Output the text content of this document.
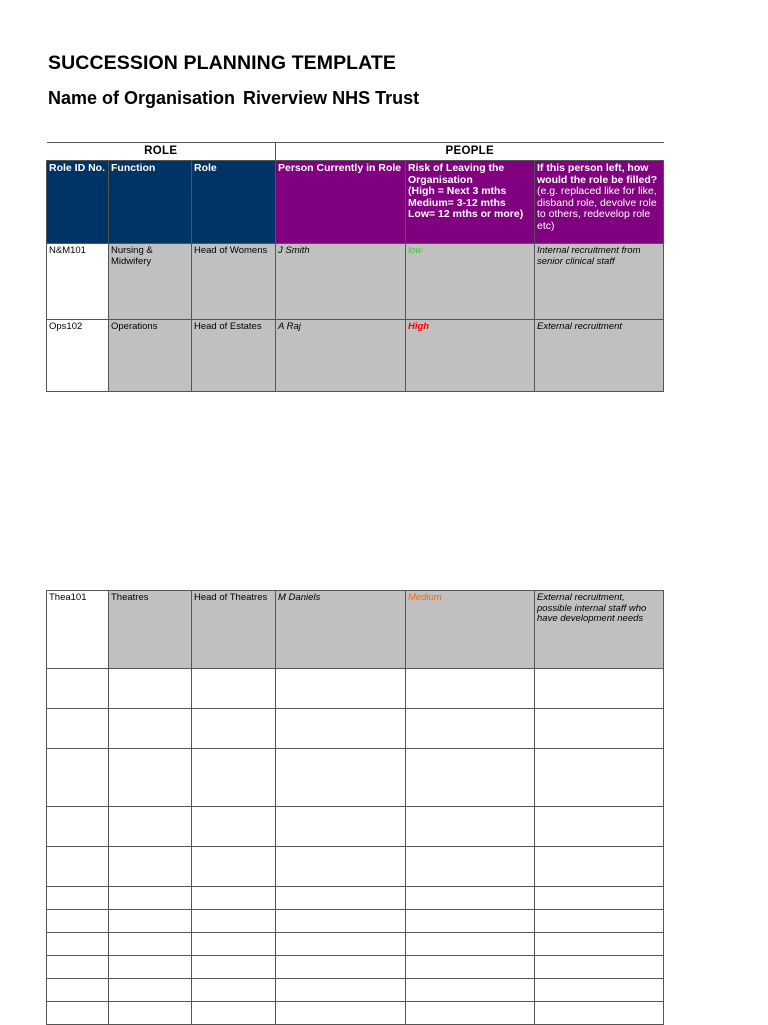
SUCCESSION PLANNING TEMPLATE
Name of Organisation Riverview NHS Trust
ROLE			PEOPLE		
Role ID No.	Function	Role	Person Currently in Role	Risk of Leaving the Organisation
(High = Next 3 mths
Medium= 3-12 mths
Low= 12 mths or more)	If this person left, how would the role be filled? (e.g. replaced like for like, disband role, devolve role to others, redevelop role etc)
N&M101	Nursing & Midwifery	Head of Womens	J Smith	low	Internal recruitment from senior clinical staff
Ops102	Operations	Head of Estates	A Raj	High	External recruitment
Thea101	Theatres	Head of Theatres	M Daniels	Medium	External recruitment, possible internal staff who have development needs
